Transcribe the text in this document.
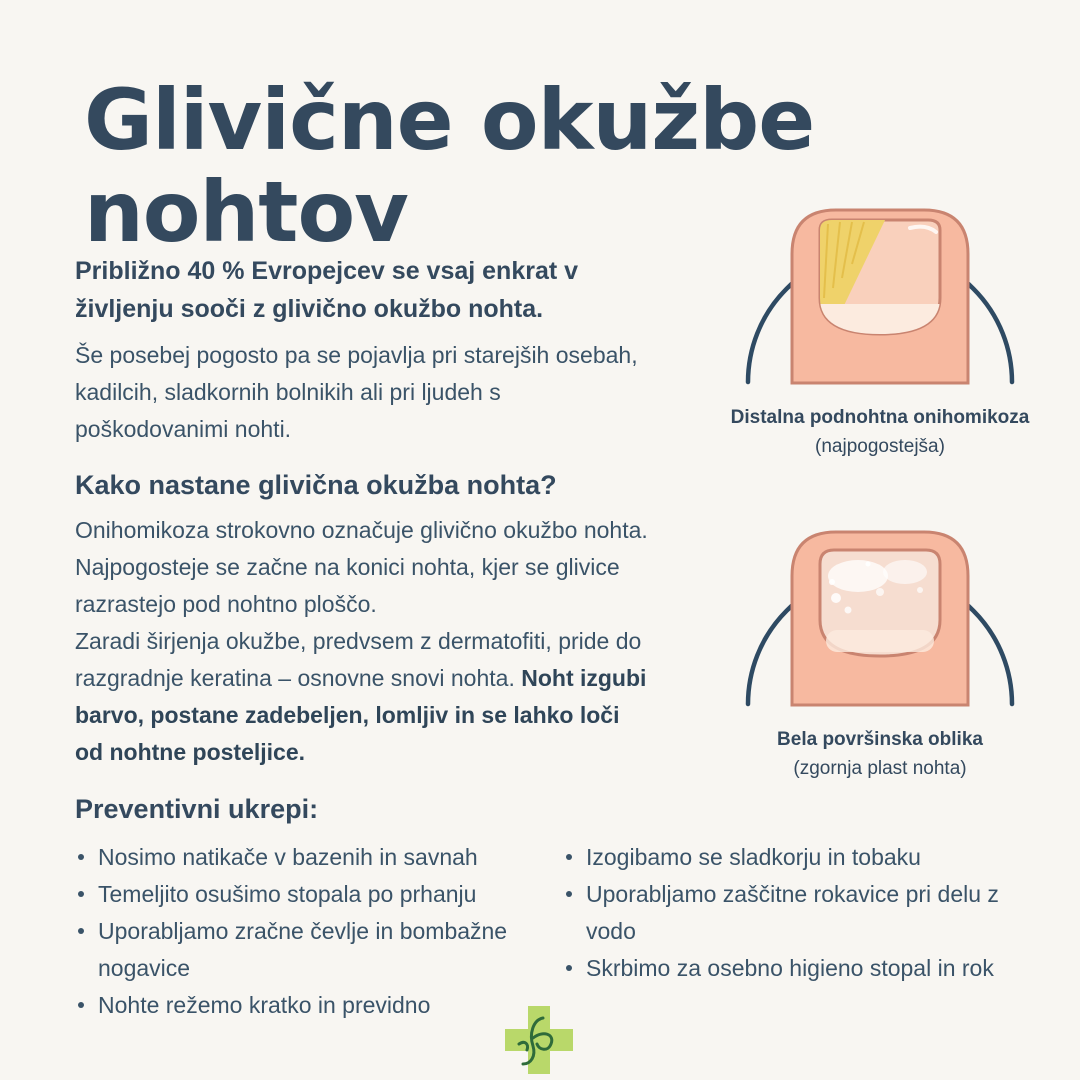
Glivične okužbe
nohtov

Približno 40 % Evropejcev se vsaj enkrat v
življenju sooči z glivično okužbo nohta.

Še posebej pogosto pa se pojavlja pri starejših osebah,
kadilcih, sladkornih bolnikih ali pri ljudeh s
poškodovanimi nohti.

Kako nastane glivična okužba nohta?

Onihomikoza strokovno označuje glivično okužbo nohta.
Najpogosteje se začne na konici nohta, kjer se glivice
razrastejo pod nohtno ploščo.
Zaradi širjenja okužbe, predvsem z dermatofiti, pride do
razgradnje keratina – osnovne snovi nohta. Noht izgubi
barvo, postane zadebeljen, lomljiv in se lahko loči
od nohtne posteljice.

Preventivni ukrepi:
Nosimo natikače v bazenih in savnah
Temeljito osušimo stopala po prhanju
Uporabljamo zračne čevlje in bombažne nogavice
Nohte režemo kratko in previdno
Izogibamo se sladkorju in tobaku
Uporabljamo zaščitne rokavice pri delu z vodo
Skrbimo za osebno higieno stopal in rok

Distalna podnohtna onihomikoza
(najpogostejša)

Bela površinska oblika
(zgornja plast nohta)
